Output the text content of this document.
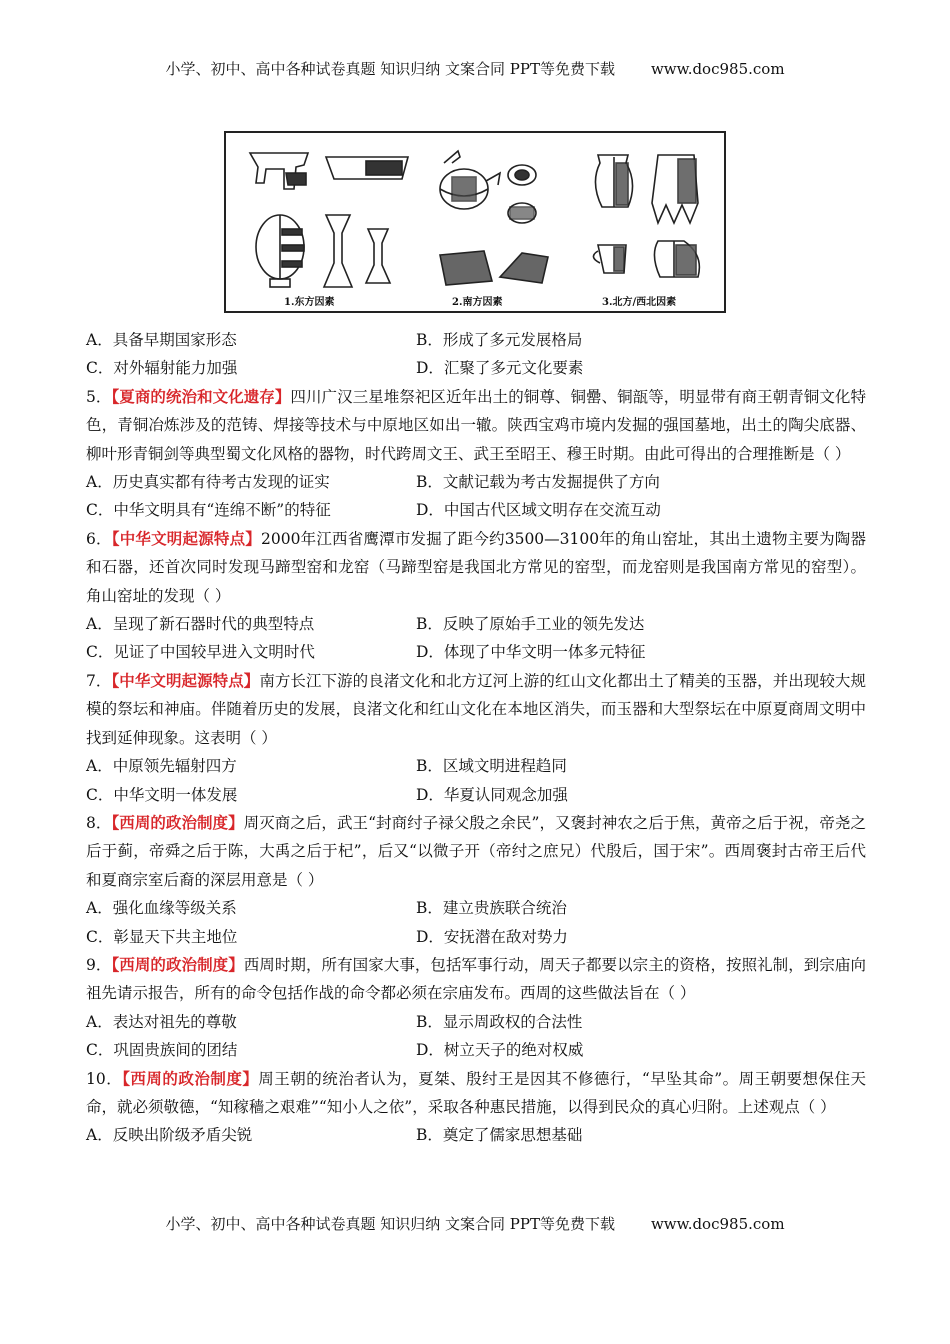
小学、初中、高中各种试卷真题 知识归纳 文案合同 PPT等免费下载 www.doc985.com
1.东方因素	2.南方因素	3.北方/西北因素
A．具备早期国家形态	B．形成了多元发展格局
C．对外辐射能力加强	D．汇聚了多元文化要素

5．【夏商的统治和文化遗存】四川广汉三星堆祭祀区近年出土的铜尊、铜罍、铜瓿等，明显带有商王朝青铜文化特色，青铜冶炼涉及的范铸、焊接等技术与中原地区如出一辙。陕西宝鸡市境内发掘的强国墓地，出土的陶尖底器、柳叶形青铜剑等典型蜀文化风格的器物，时代跨周文王、武王至昭王、穆王时期。由此可得出的合理推断是（ ）

A．历史真实都有待考古发现的证实	B．文献记载为考古发掘提供了方向
C．中华文明具有“连绵不断”的特征	D．中国古代区域文明存在交流互动

6．【中华文明起源特点】2000年江西省鹰潭市发掘了距今约3500—3100年的角山窑址，其出土遗物主要为陶器和石器，还首次同时发现马蹄型窑和龙窑（马蹄型窑是我国北方常见的窑型，而龙窑则是我国南方常见的窑型）。角山窑址的发现（ ）

A．呈现了新石器时代的典型特点	B．反映了原始手工业的领先发达
C．见证了中国较早进入文明时代	D．体现了中华文明一体多元特征

7．【中华文明起源特点】南方长江下游的良渚文化和北方辽河上游的红山文化都出土了精美的玉器，并出现较大规模的祭坛和神庙。伴随着历史的发展，良渚文化和红山文化在本地区消失，而玉器和大型祭坛在中原夏商周文明中找到延伸现象。这表明（ ）

A．中原领先辐射四方	B．区域文明进程趋同
C．中华文明一体发展	D．华夏认同观念加强

8．【西周的政治制度】周灭商之后，武王“封商纣子禄父殷之余民”，又褒封神农之后于焦，黄帝之后于祝，帝尧之后于蓟，帝舜之后于陈，大禹之后于杞”，后又“以微子开（帝纣之庶兄）代殷后，国于宋”。西周褒封古帝王后代和夏商宗室后裔的深层用意是（ ）

A．强化血缘等级关系	B．建立贵族联合统治
C．彰显天下共主地位	D．安抚潜在敌对势力

9．【西周的政治制度】西周时期，所有国家大事，包括军事行动，周天子都要以宗主的资格，按照礼制，到宗庙向祖先请示报告，所有的命令包括作战的命令都必须在宗庙发布。西周的这些做法旨在（ ）

A．表达对祖先的尊敬	B．显示周政权的合法性
C．巩固贵族间的团结	D．树立天子的绝对权威

10．【西周的政治制度】周王朝的统治者认为，夏桀、殷纣王是因其不修德行，“早坠其命”。周王朝要想保住天命，就必须敬德，“知稼穑之艰难”“知小人之依”，采取各种惠民措施，以得到民众的真心归附。上述观点（ ）

A．反映出阶级矛盾尖锐	B．奠定了儒家思想基础
小学、初中、高中各种试卷真题 知识归纳 文案合同 PPT等免费下载 www.doc985.com
